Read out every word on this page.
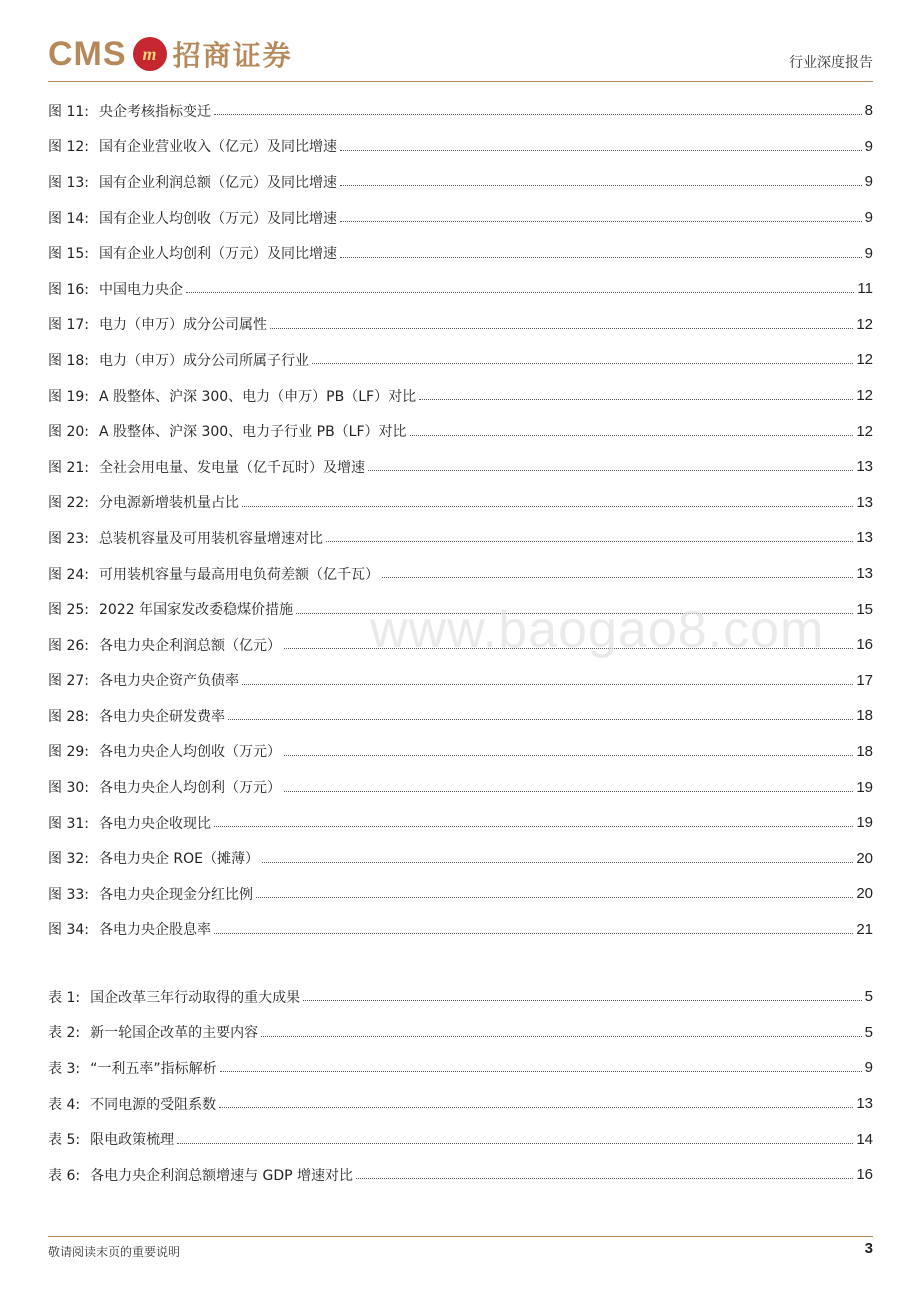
CMS m 招商证券	行业深度报告
图 11: 央企考核指标变迁	8
图 12: 国有企业营业收入（亿元）及同比增速	9
图 13: 国有企业利润总额（亿元）及同比增速	9
图 14: 国有企业人均创收（万元）及同比增速	9
图 15: 国有企业人均创利（万元）及同比增速	9
图 16: 中国电力央企	11
图 17: 电力（申万）成分公司属性	12
图 18: 电力（申万）成分公司所属子行业	12
图 19: A 股整体、沪深 300、电力（申万）PB（LF）对比	12
图 20: A 股整体、沪深 300、电力子行业 PB（LF）对比	12
图 21: 全社会用电量、发电量（亿千瓦时）及增速	13
图 22: 分电源新增装机量占比	13
图 23: 总装机容量及可用装机容量增速对比	13
图 24: 可用装机容量与最高用电负荷差额（亿千瓦）	13
图 25: 2022 年国家发改委稳煤价措施	15
图 26: 各电力央企利润总额（亿元）	16
图 27: 各电力央企资产负债率	17
图 28: 各电力央企研发费率	18
图 29: 各电力央企人均创收（万元）	18
图 30: 各电力央企人均创利（万元）	19
图 31: 各电力央企收现比	19
图 32: 各电力央企 ROE（摊薄）	20
图 33: 各电力央企现金分红比例	20
图 34: 各电力央企股息率	21
表 1: 国企改革三年行动取得的重大成果	5
表 2: 新一轮国企改革的主要内容	5
表 3: “一利五率”指标解析	9
表 4: 不同电源的受阻系数	13
表 5: 限电政策梳理	14
表 6: 各电力央企利润总额增速与 GDP 增速对比	16
www.baogao8.com
敬请阅读末页的重要说明	3
